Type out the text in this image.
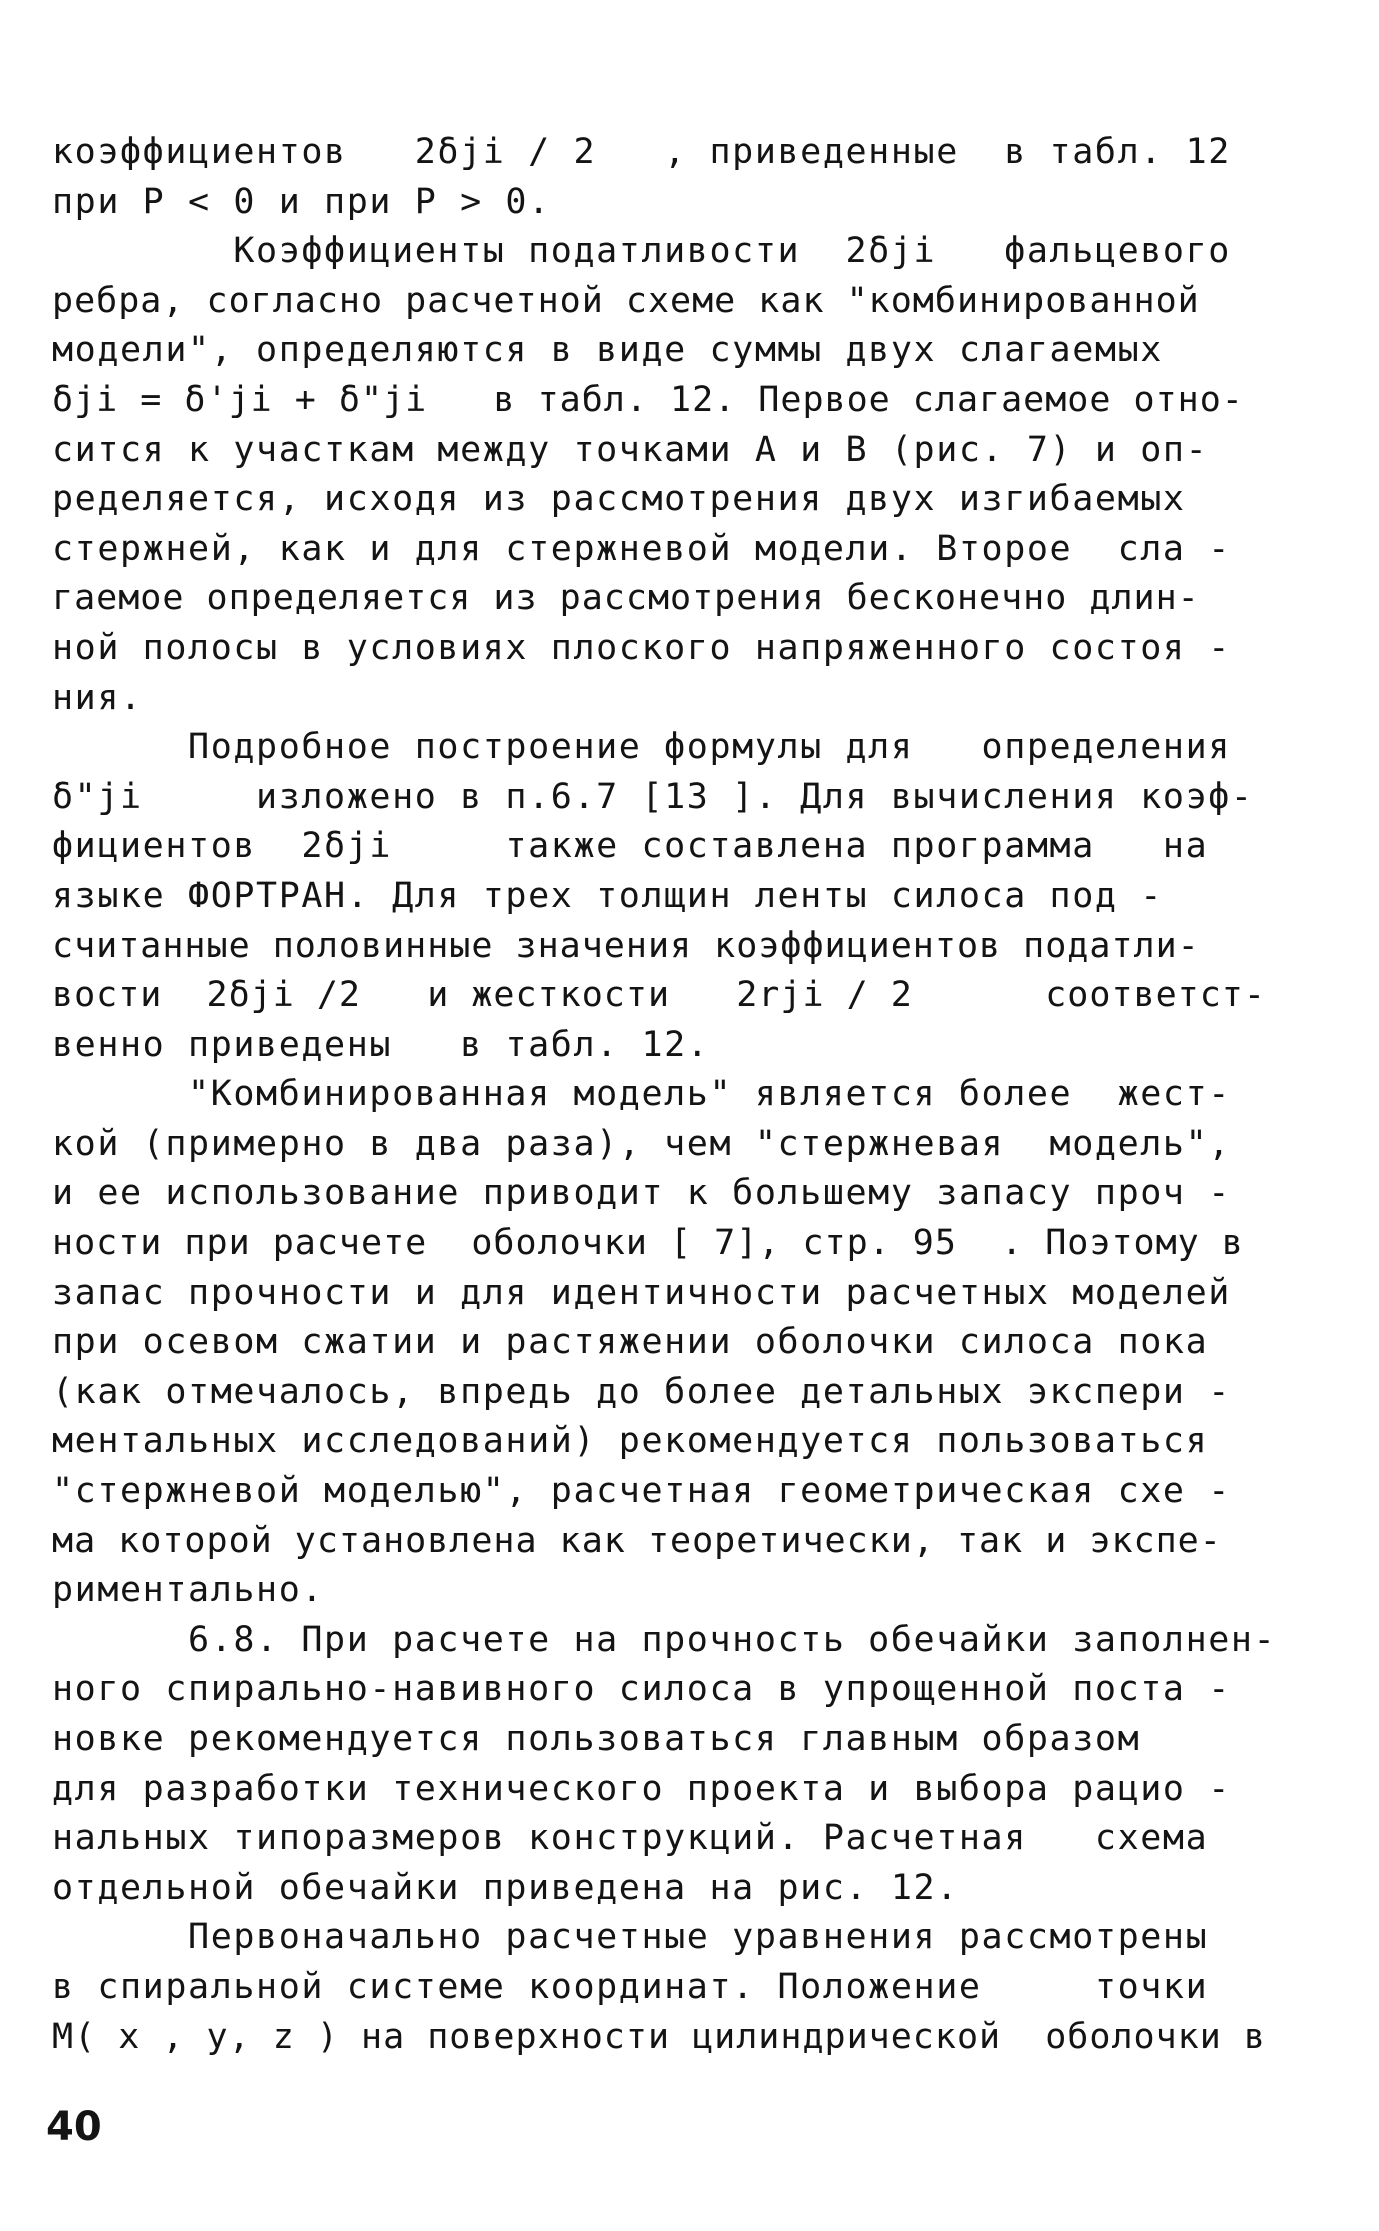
коэффициентов   2δji / 2   , приведенные  в табл. 12
при Р < 0 и при Р > 0.
Коэффициенты податливости  2δji   фальцевого
ребра, согласно расчетной схеме как "комбинированной
модели", определяются в виде суммы двух слагаемых
δji = δ'ji + δ"ji   в табл. 12. Первое слагаемое отно-
сится к участкам между точками А и В (рис. 7) и оп-
ределяется, исходя из рассмотрения двух изгибаемых
стержней, как и для стержневой модели. Второе  сла -
гаемое определяется из рассмотрения бесконечно длин-
ной полосы в условиях плоского напряженного состоя -
ния.
Подробное построение формулы для   определения
δ"ji     изложено в п.6.7 [13 ]. Для вычисления коэф-
фициентов  2δji     также составлена программа   на
языке ФОРТРАН. Для трех толщин ленты силоса под -
считанные половинные значения коэффициентов податли-
вости  2δji /2   и жесткости   2rji / 2      соответст-
венно приведены   в табл. 12.
"Комбинированная модель" является более  жест-
кой (примерно в два раза), чем "стержневая  модель",
и ее использование приводит к большему запасу проч -
ности при расчете  оболочки [ 7], стр. 95  . Поэтому в
запас прочности и для идентичности расчетных моделей
при осевом сжатии и растяжении оболочки силоса пока
(как отмечалось, впредь до более детальных экспери -
ментальных исследований) рекомендуется пользоваться
"стержневой моделью", расчетная геометрическая схе -
ма которой установлена как теоретически, так и экспе-
риментально.
6.8. При расчете на прочность обечайки заполнен-
ного спирально-навивного силоса в упрощенной поста -
новке рекомендуется пользоваться главным образом
для разработки технического проекта и выбора рацио -
нальных типоразмеров конструкций. Расчетная   схема
отдельной обечайки приведена на рис. 12.
Первоначально расчетные уравнения рассмотрены
в спиральной системе координат. Положение     точки
M( x , y, z ) на поверхности цилиндрической  оболочки в
40
